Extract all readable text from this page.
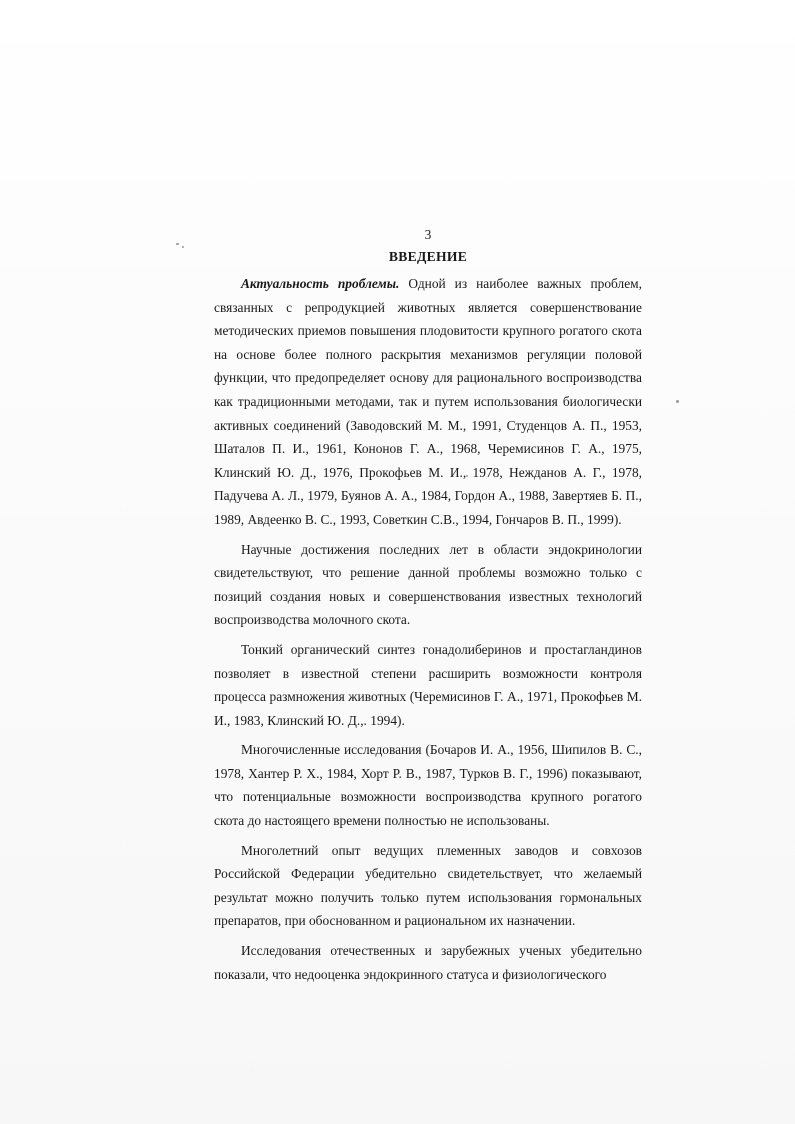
3

ВВЕДЕНИЕ

Актуальность проблемы. Одной из наиболее важных проблем, связанных с репродукцией животных является совершенствование методических приемов повышения плодовитости крупного рогатого скота на основе более полного раскрытия механизмов регуляции половой функции, что предопределяет основу для рационального воспроизводства как традиционными методами, так и путем использования биологически активных соединений (Заводовский М. М., 1991, Студенцов А. П., 1953, Шаталов П. И., 1961, Кононов Г. А., 1968, Черемисинов Г. А., 1975, Клинский Ю. Д., 1976, Прокофьев М. И., 1978, Нежданов А. Г., 1978, Падучева А. Л., 1979, Буянов А. А., 1984, Гордон А., 1988, Завертяев Б. П., 1989, Авдеенко В. С., 1993, Советкин С.В., 1994, Гончаров В. П., 1999).

Научные достижения последних лет в области эндокринологии свидетельствуют, что решение данной проблемы возможно только с позиций создания новых и совершенствования известных технологий воспроизводства молочного скота.

Тонкий органический синтез гонадолиберинов и простагландинов позволяет в известной степени расширить возможности контроля процесса размножения животных (Черемисинов Г. А., 1971, Прокофьев М. И., 1983, Клинский Ю. Д.,. 1994).

Многочисленные исследования (Бочаров И. А., 1956, Шипилов В. С., 1978, Хантер Р. Х., 1984, Хорт Р. В., 1987, Турков В. Г., 1996) показывают, что потенциальные возможности воспроизводства крупного рогатого скота до настоящего времени полностью не использованы.

Многолетний опыт ведущих племенных заводов и совхозов Российской Федерации убедительно свидетельствует, что желаемый результат можно получить только путем использования гормональных препаратов, при обоснованном и рациональном их назначении.

Исследования отечественных и зарубежных ученых убедительно показали, что недооценка эндокринного статуса и физиологического
